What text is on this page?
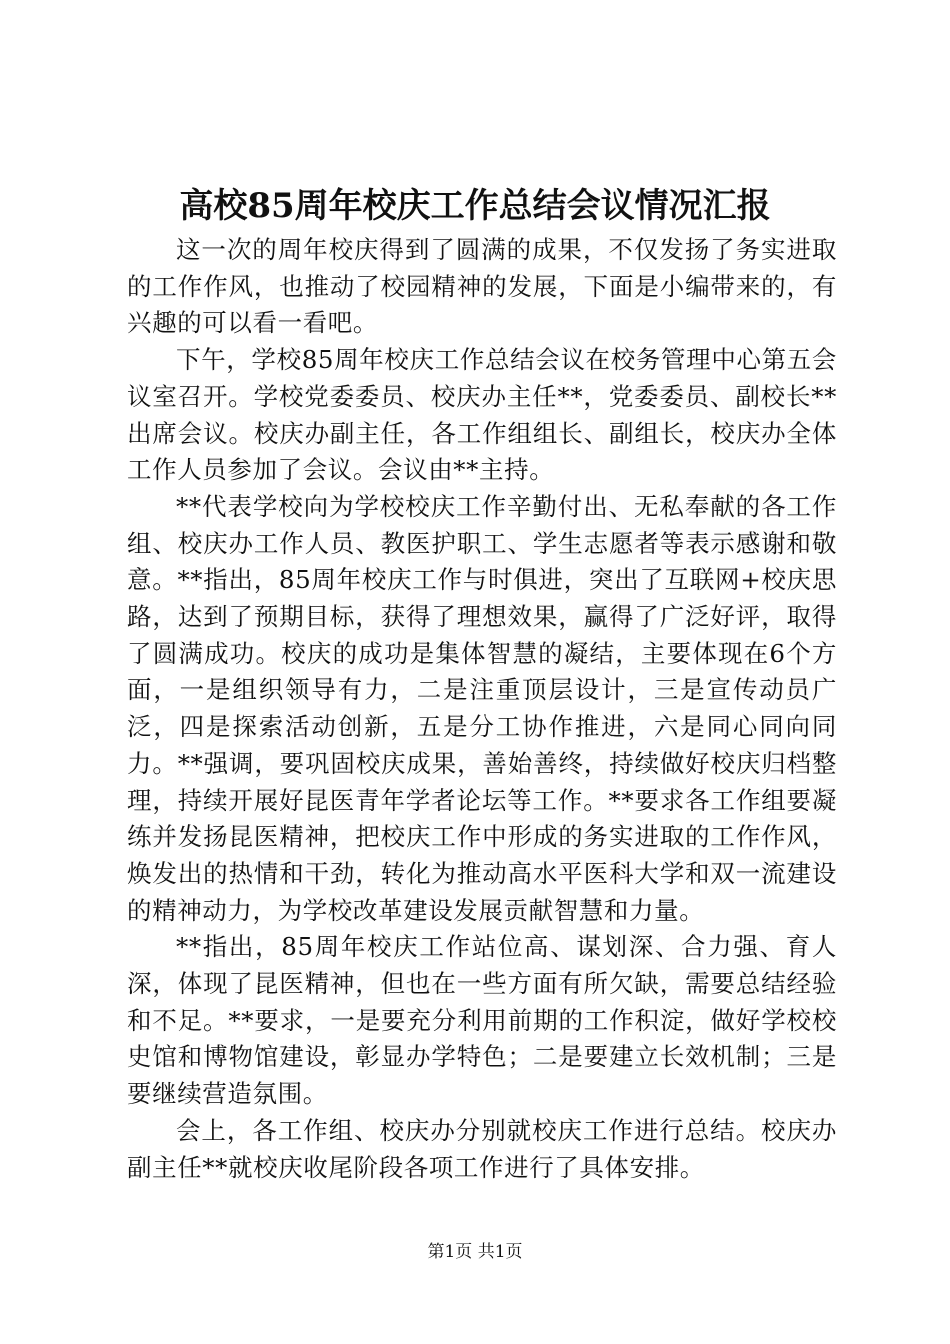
高校85周年校庆工作总结会议情况汇报

这一次的周年校庆得到了圆满的成果，不仅发扬了务实进取的工作作风，也推动了校园精神的发展，下面是小编带来的，有兴趣的可以看一看吧。

下午，学校85周年校庆工作总结会议在校务管理中心第五会议室召开。学校党委委员、校庆办主任**，党委委员、副校长**出席会议。校庆办副主任，各工作组组长、副组长，校庆办全体工作人员参加了会议。会议由**主持。

**代表学校向为学校校庆工作辛勤付出、无私奉献的各工作组、校庆办工作人员、教医护职工、学生志愿者等表示感谢和敬意。**指出，85周年校庆工作与时俱进，突出了互联网+校庆思路，达到了预期目标，获得了理想效果，赢得了广泛好评，取得了圆满成功。校庆的成功是集体智慧的凝结，主要体现在6个方面，一是组织领导有力，二是注重顶层设计，三是宣传动员广泛，四是探索活动创新，五是分工协作推进，六是同心同向同力。**强调，要巩固校庆成果，善始善终，持续做好校庆归档整理，持续开展好昆医青年学者论坛等工作。**要求各工作组要凝练并发扬昆医精神，把校庆工作中形成的务实进取的工作作风，焕发出的热情和干劲，转化为推动高水平医科大学和双一流建设的精神动力，为学校改革建设发展贡献智慧和力量。

**指出，85周年校庆工作站位高、谋划深、合力强、育人深，体现了昆医精神，但也在一些方面有所欠缺，需要总结经验和不足。**要求，一是要充分利用前期的工作积淀，做好学校校史馆和博物馆建设，彰显办学特色；二是要建立长效机制；三是要继续营造氛围。

会上，各工作组、校庆办分别就校庆工作进行总结。校庆办副主任**就校庆收尾阶段各项工作进行了具体安排。

第1页 共1页
